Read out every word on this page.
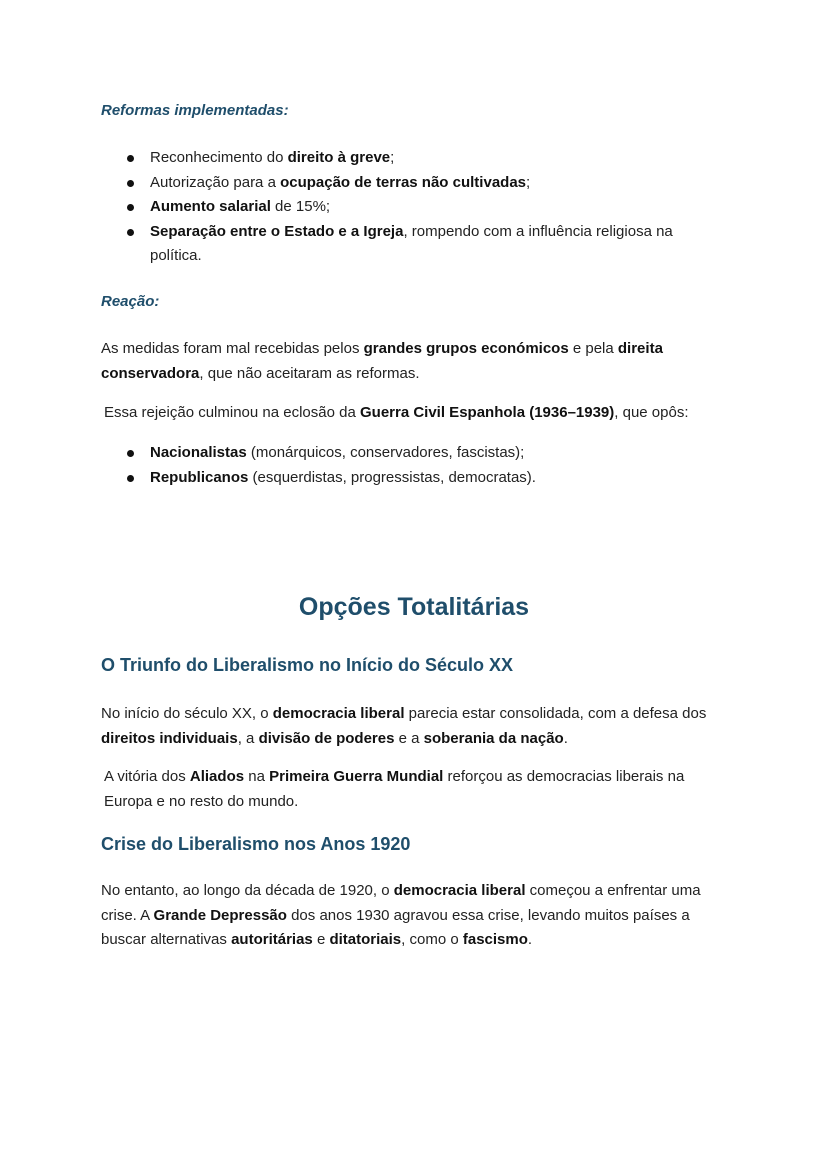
Reformas implementadas:
Reconhecimento do direito à greve;
Autorização para a ocupação de terras não cultivadas;
Aumento salarial de 15%;
Separação entre o Estado e a Igreja, rompendo com a influência religiosa na política.
Reação:

As medidas foram mal recebidas pelos grandes grupos económicos e pela direita conservadora, que não aceitaram as reformas.

Essa rejeição culminou na eclosão da Guerra Civil Espanhola (1936–1939), que opôs:

Nacionalistas (monárquicos, conservadores, fascistas);
Republicanos (esquerdistas, progressistas, democratas).
Opções Totalitárias
O Triunfo do Liberalismo no Início do Século XX

No início do século XX, o democracia liberal parecia estar consolidada, com a defesa dos direitos individuais, a divisão de poderes e a soberania da nação.

A vitória dos Aliados na Primeira Guerra Mundial reforçou as democracias liberais na Europa e no resto do mundo.

Crise do Liberalismo nos Anos 1920

No entanto, ao longo da década de 1920, o democracia liberal começou a enfrentar uma crise. A Grande Depressão dos anos 1930 agravou essa crise, levando muitos países a buscar alternativas autoritárias e ditatoriais, como o fascismo.
